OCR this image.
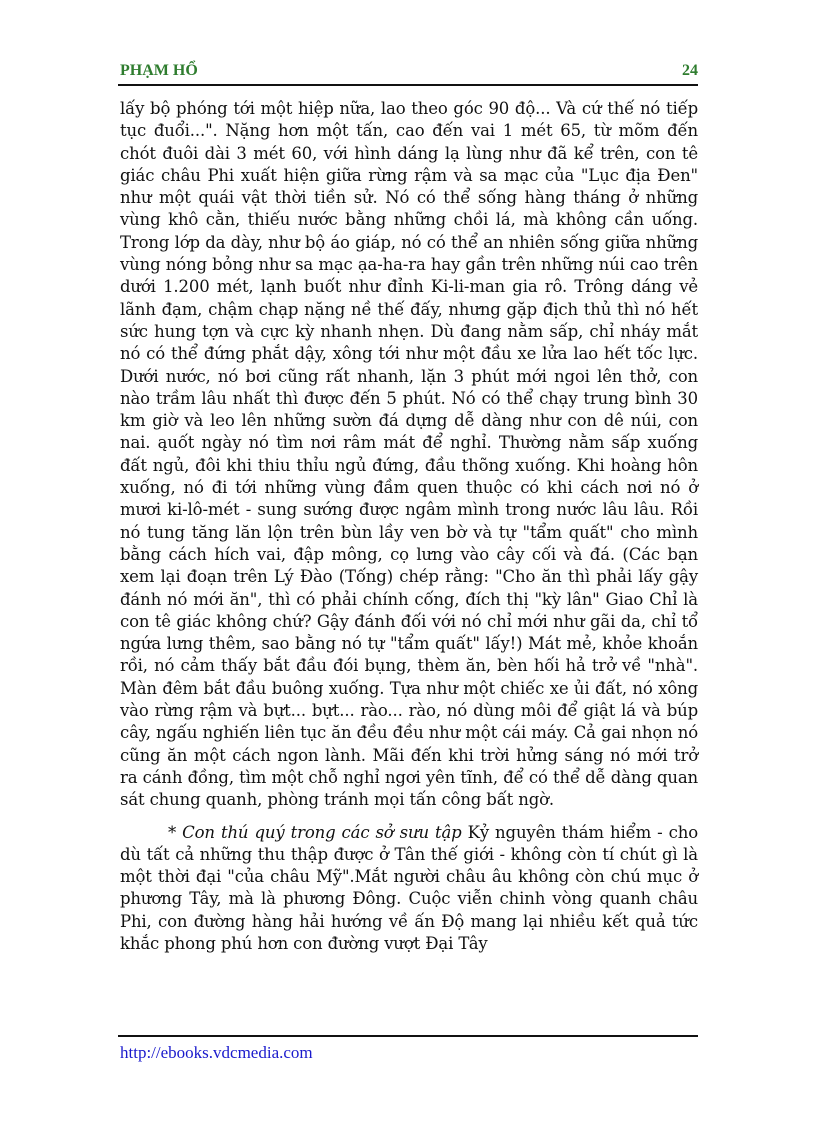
PHẠM HỔ	24

lấy bộ phóng tới một hiệp nữa, lao theo góc 90 độ... Và cứ thế nó tiếp tục đuổi...". Nặng hơn một tấn, cao đến vai 1 mét 65, từ mõm đến chót đuôi dài 3 mét 60, với hình dáng lạ lùng như đã kể trên, con tê giác châu Phi xuất hiện giữa rừng rậm và sa mạc của "Lục địa Đen" như một quái vật thời tiền sử. Nó có thể sống hàng tháng ở những vùng khô cằn, thiếu nước bằng những chồi lá, mà không cần uống. Trong lớp da dày, như bộ áo giáp, nó có thể an nhiên sống giữa những vùng nóng bỏng như sa mạc ạa-ha-ra hay gần trên những núi cao trên dưới 1.200 mét, lạnh buốt như đỉnh Ki-li-man gia rô. Trông dáng vẻ lãnh đạm, chậm chạp nặng nề thế đấy, nhưng gặp địch thủ thì nó hết sức hung tợn và cực kỳ nhanh nhẹn. Dù đang nằm sấp, chỉ nháy mắt nó có thể đứng phắt dậy, xông tới như một đầu xe lửa lao hết tốc lực. Dưới nước, nó bơi cũng rất nhanh, lặn 3 phút mới ngoi lên thở, con nào trầm lâu nhất thì được đến 5 phút. Nó có thể chạy trung bình 30 km giờ và leo lên những sườn đá dựng dễ dàng như con dê núi, con nai. ąuốt ngày nó tìm nơi râm mát để nghỉ. Thường nằm sấp xuống đất ngủ, đôi khi thiu thỉu ngủ đứng, đầu thõng xuống. Khi hoàng hôn xuống, nó đi tới những vùng đầm quen thuộc có khi cách nơi nó ở mươi ki-lô-mét - sung sướng được ngâm mình trong nước lâu lâu. Rồi nó tung tăng lăn lộn trên bùn lầy ven bờ và tự "tẩm quất" cho mình bằng cách hích vai, đập mông, cọ lưng vào cây cối và đá. (Các bạn xem lại đoạn trên Lý Đào (Tống) chép rằng: "Cho ăn thì phải lấy gậy đánh nó mới ăn", thì có phải chính cống, đích thị "kỳ lân" Giao Chỉ là con tê giác không chứ? Gậy đánh đối với nó chỉ mới như gãi da, chỉ tổ ngứa lưng thêm, sao bằng nó tự "tẩm quất" lấy!) Mát mẻ, khỏe khoắn rồi, nó cảm thấy bắt đầu đói bụng, thèm ăn, bèn hối hả trở về "nhà". Màn đêm bắt đầu buông xuống. Tựa như một chiếc xe ủi đất, nó xông vào rừng rậm và bựt... bựt... rào... rào, nó dùng môi để giật lá và búp cây, ngấu nghiến liên tục ăn đều đều như một cái máy. Cả gai nhọn nó cũng ăn một cách ngon lành. Mãi đến khi trời hửng sáng nó mới trở ra cánh đồng, tìm một chỗ nghỉ ngơi yên tĩnh, để có thể dễ dàng quan sát chung quanh, phòng tránh mọi tấn công bất ngờ.

* Con thú quý trong các sở sưu tập Kỷ nguyên thám hiểm - cho dù tất cả những thu thập được ở Tân thế giới - không còn tí chút gì là một thời đại "của châu Mỹ".Mắt người châu âu không còn chú mục ở phương Tây, mà là phương Đông. Cuộc viễn chinh vòng quanh châu Phi, con đường hàng hải hướng về ấn Độ mang lại nhiều kết quả tức khắc phong phú hơn con đường vượt Đại Tây

http://ebooks.vdcmedia.com
